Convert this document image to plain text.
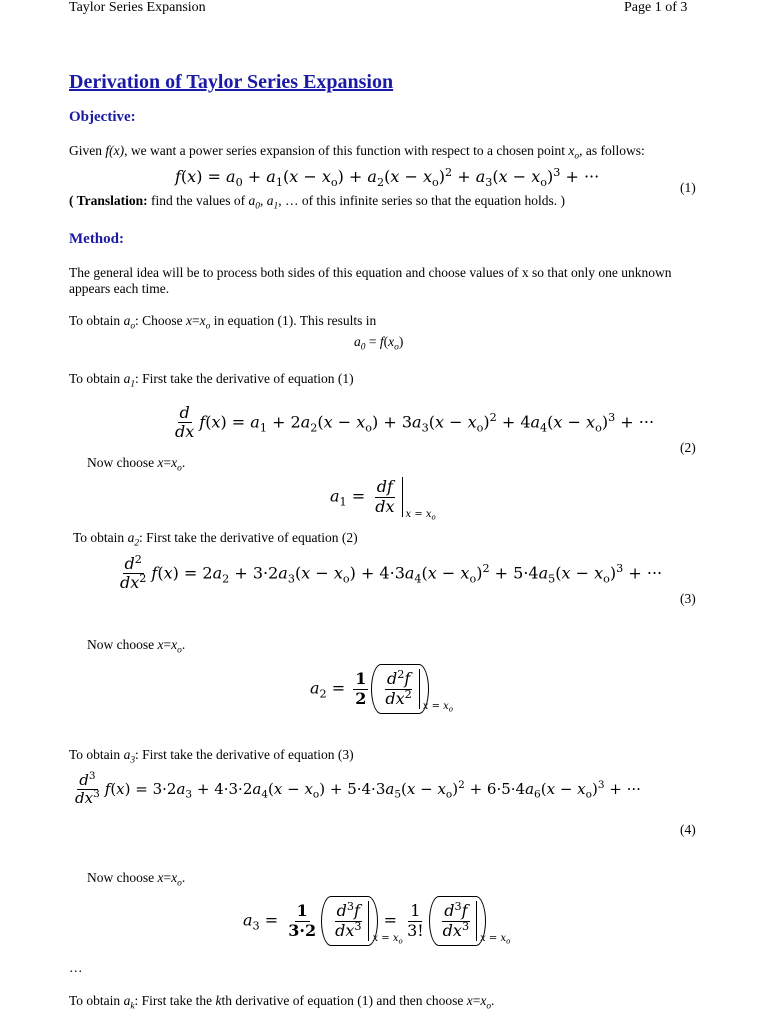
Taylor Series Expansion	Page 1 of 3
Derivation of Taylor Series Expansion
Objective:
Given f(x), we want a power series expansion of this function with respect to a chosen point $x_o$, as follows:
$f(x) = a_0 + a_1(x - x_o) + a_2(x - x_o)^2 + a_3(x - x_o)^3$ + ···
(1)
( Translation: find the values of $a_0$, $a_1$, … of this infinite series so that the equation holds. )
Method:
The general idea will be to process both sides of this equation and choose values of x so that only one unknown appears each time.
To obtain $a_o$: Choose $x=x_o$ in equation (1). This results in
$a_0 = f(x_o)$
To obtain $a_1$: First take the derivative of equation (1)
$\frac{d}{dx} f(x) = a_1 + 2a_2(x - x_o) + 3a_3(x - x_o)^2 + 4a_4(x - x_o)^3$ + ···
(2)
Now choose $x=x_o$.
$a_1 = \frac{df}{dx}$ $x = x_o$
To obtain $a_2$: First take the derivative of equation (2)
$\frac{d^2}{dx^2} f(x) = 2a_2 + 3\cdot 2a_3(x - x_o) + 4\cdot 3a_4(x - x_o)^2 + 5\cdot 4a_5(x - x_o)^3$ + ···
(3)
Now choose $x=x_o$.
$a_2 = \frac{1}{2} \frac{d^2f}{dx^2}$ $x = x_o$
To obtain $a_3$: First take the derivative of equation (3)
$\frac{d^3}{dx^3} f(x) = 3\cdot 2a_3 + 4\cdot 3\cdot 2a_4(x - x_o) + 5\cdot 4\cdot 3a_5(x - x_o)^2 + 6\cdot 5\cdot 4a_6(x - x_o)^3$ + ···
(4)
Now choose $x=x_o$.
$a_3 = \frac{1}{3\cdot 2} \frac{d^3f}{dx^3}$ $x = x_o$
= $\frac{1}{3!} \frac{d^3f}{dx^3}$ $x = x_o$
…
To obtain $a_k$: First take the kth derivative of equation (1) and then choose $x=x_o$.
